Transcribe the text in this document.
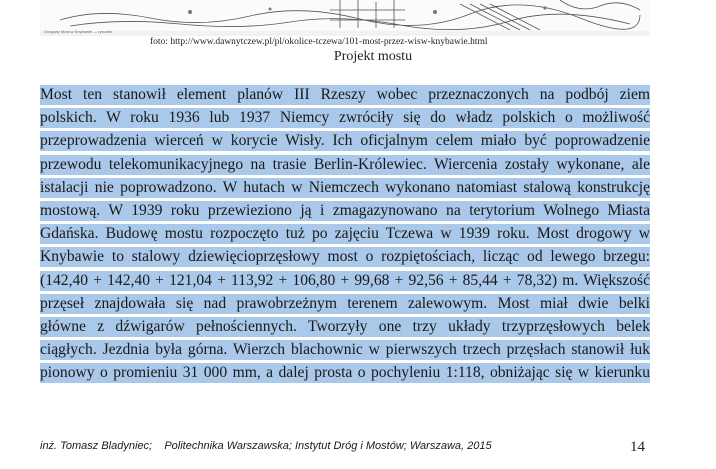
Drogowy Most w Knybawie — rysunek
foto: http://www.dawnytczew.pl/pl/okolice-tczewa/101-most-przez-wisw-knybawie.html
Projekt mostu
Most ten stanowił element planów III Rzeszy wobec przeznaczonych na podbój ziem
polskich. W roku 1936 lub 1937 Niemcy zwróciły się do władz polskich o możliwość
przeprowadzenia wierceń w korycie Wisły. Ich oficjalnym celem miało być poprowadzenie
przewodu telekomunikacyjnego na trasie Berlin-Królewiec. Wiercenia zostały wykonane, ale
istalacji nie poprowadzono. W hutach w Niemczech wykonano natomiast stalową konstrukcję
mostową. W 1939 roku przewieziono ją i zmagazynowano na terytorium Wolnego Miasta
Gdańska. Budowę mostu rozpoczęto tuż po zajęciu Tczewa w 1939 roku. Most drogowy w
Knybawie to stalowy dziewięcioprzęsłowy most o rozpiętościach, licząc od lewego brzegu:
(142,40 + 142,40 + 121,04 + 113,92 + 106,80 + 99,68 + 92,56 + 85,44 + 78,32) m. Większość
przęseł znajdowała się nad prawobrzeżnym terenem zalewowym. Most miał dwie belki
główne z dźwigarów pełnościennych. Tworzyły one trzy układy trzyprzęsłowych belek
ciągłych. Jezdnia była górna. Wierzch blachownic w pierwszych trzech przęsłach stanowił łuk
pionowy o promieniu 31 000 mm, a dalej prosta o pochyleniu 1:118, obniżając się w kierunku
Dawny
inż. Tomasz Bladyniec; Politechnika Warszawska; Instytut Dróg i Mostów; Warszawa, 2015	14
